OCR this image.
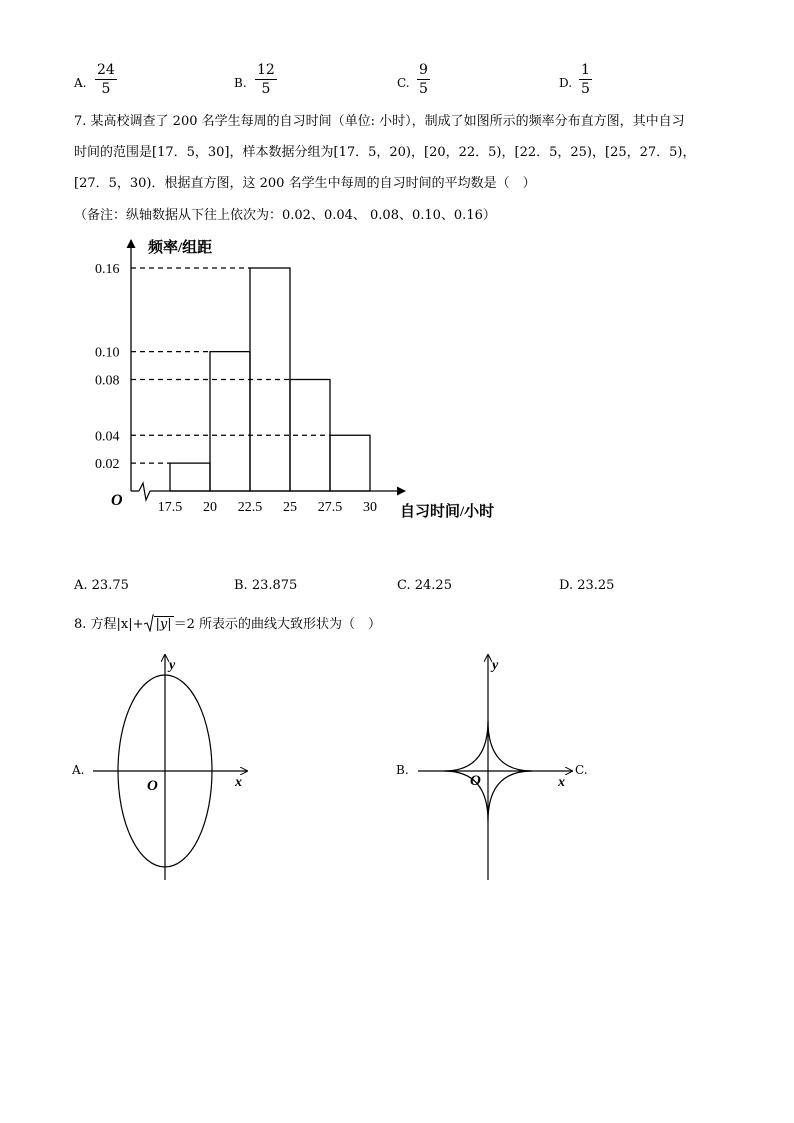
A. $\frac{24}{5}$	B. $\frac{12}{5}$	C. $\frac{9}{5}$	D. $\frac{1}{5}$
7. 某高校调查了 200 名学生每周的自习时间（单位: 小时），制成了如图所示的频率分布直方图，其中自习
时间的范围是[17．5，30]，样本数据分组为[17．5，20)，[20，22．5)，[22．5，25)，[25，27．5)，
[27．5，30)．根据直方图，这 200 名学生中每周的自习时间的平均数是（　）
（备注：纵轴数据从下往上依次为：0.02、0.04、 0.08、0.10、0.16）
0.02
0.04
0.08
0.10
0.16
17.5 20 22.5 25 27.5 30
O
频率/组距
自习时间/小时
A. 23.75	B. 23.875	C. 24.25	D. 23.25
8. 方程|x|+ |y| ＝2 所表示的曲线大致形状为（　）
A.
y
x
O
B.
y
x
O
C.
